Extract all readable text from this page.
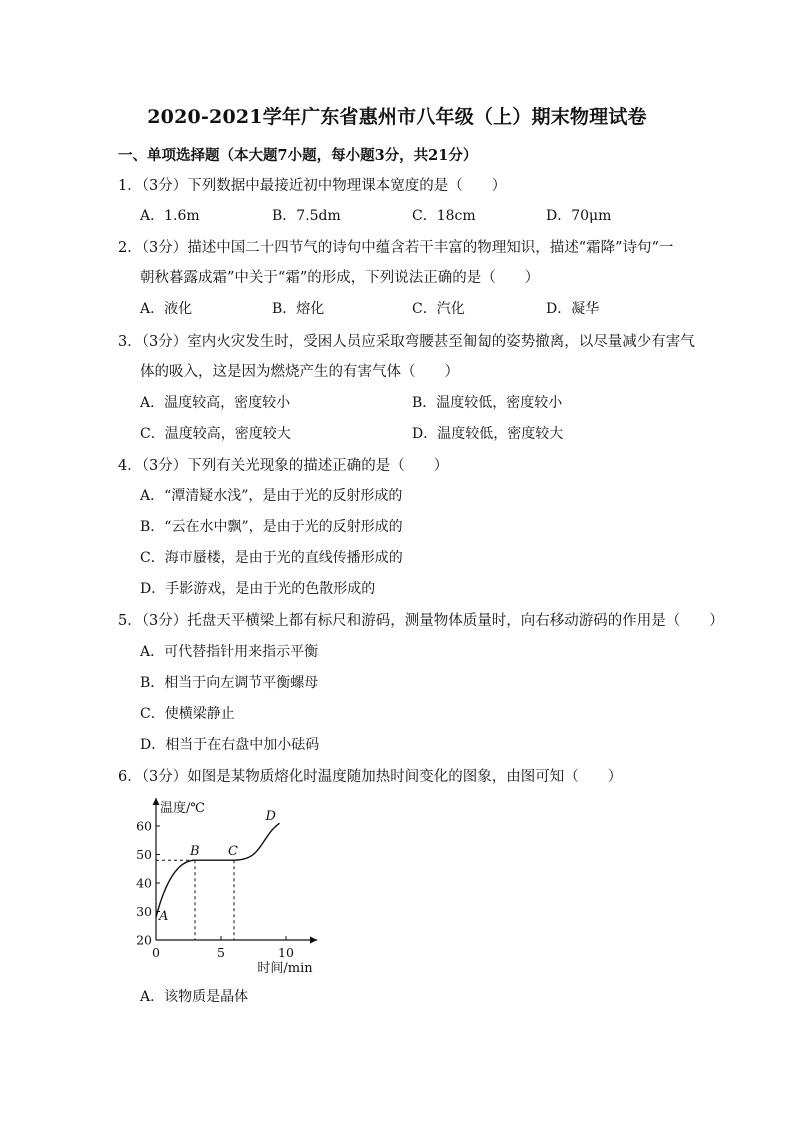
2020-2021学年广东省惠州市八年级（上）期末物理试卷
一、单项选择题（本大题7小题，每小题3分，共21分）
1．（3分）下列数据中最接近初中物理课本宽度的是（　　）
A．1.6m	B．7.5dm	C．18cm	D．70μm
2．（3分）描述中国二十四节气的诗句中蕴含若干丰富的物理知识，描述“霜降”诗句“一
朝秋暮露成霜”中关于“霜”的形成，下列说法正确的是（　　）
A．液化	B．熔化	C．汽化	D．凝华
3．（3分）室内火灾发生时，受困人员应采取弯腰甚至匍匐的姿势撤离，以尽量减少有害气
体的吸入，这是因为燃烧产生的有害气体（　　）
A．温度较高，密度较小	B．温度较低，密度较小
C．温度较高，密度较大	D．温度较低，密度较大
4．（3分）下列有关光现象的描述正确的是（　　）
A．“潭清疑水浅”，是由于光的反射形成的
B．“云在水中飘”，是由于光的反射形成的
C．海市蜃楼，是由于光的直线传播形成的
D．手影游戏，是由于光的色散形成的
5．（3分）托盘天平横梁上都有标尺和游码，测量物体质量时，向右移动游码的作用是（　　）
A．可代替指针用来指示平衡
B．相当于向左调节平衡螺母
C．使横梁静止
D．相当于在右盘中加小砝码
6．（3分）如图是某物质熔化时温度随加热时间变化的图象，由图可知（　　）
温度/℃
时间/min
20
30
40
50
60
0	5	10
A
B C
D
A．该物质是晶体
